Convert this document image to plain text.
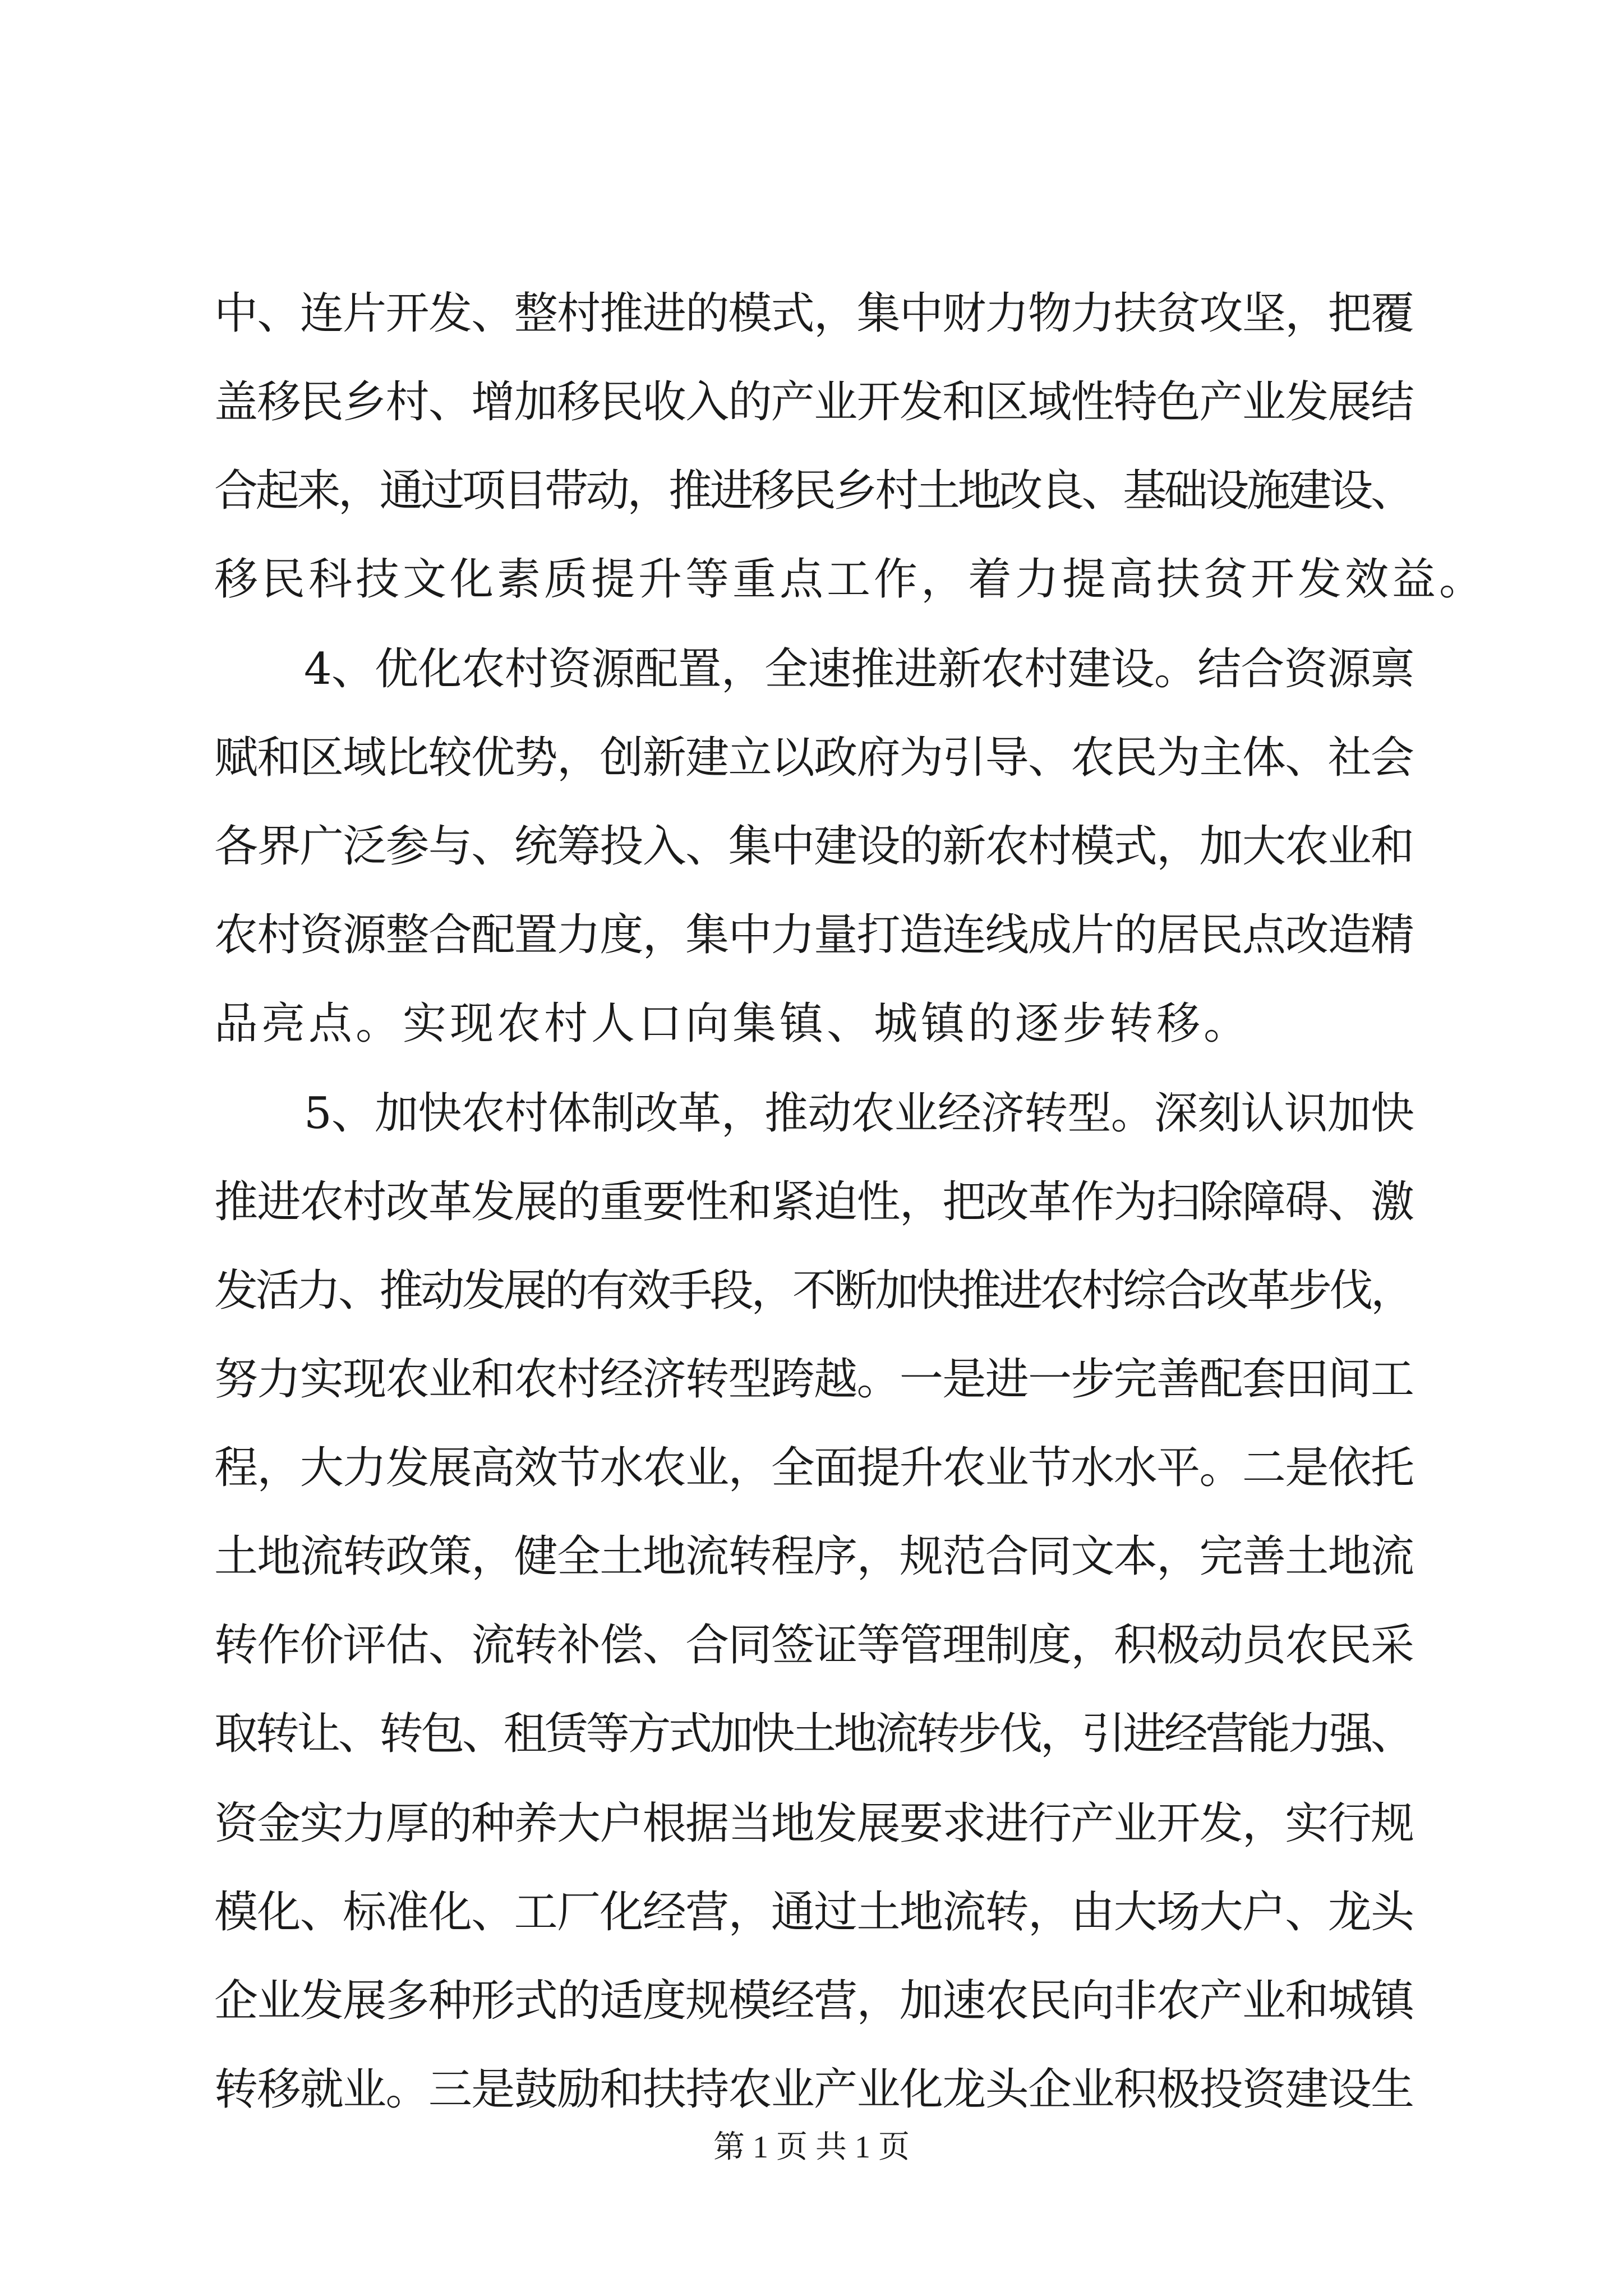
中、连片开发、整村推进的模式，集中财力物力扶贫攻坚，把覆
盖移民乡村、增加移民收入的产业开发和区域性特色产业发展结
合起来，通过项目带动，推进移民乡村土地改良、基础设施建设、
移民科技文化素质提升等重点工作，着力提高扶贫开发效益。
4、优化农村资源配置，全速推进新农村建设。结合资源禀
赋和区域比较优势，创新建立以政府为引导、农民为主体、社会
各界广泛参与、统筹投入、集中建设的新农村模式，加大农业和
农村资源整合配置力度，集中力量打造连线成片的居民点改造精
品亮点。实现农村人口向集镇、城镇的逐步转移。
5、加快农村体制改革，推动农业经济转型。深刻认识加快
推进农村改革发展的重要性和紧迫性，把改革作为扫除障碍、激
发活力、推动发展的有效手段，不断加快推进农村综合改革步伐，
努力实现农业和农村经济转型跨越。一是进一步完善配套田间工
程，大力发展高效节水农业，全面提升农业节水水平。二是依托
土地流转政策，健全土地流转程序，规范合同文本，完善土地流
转作价评估、流转补偿、合同签证等管理制度，积极动员农民采
取转让、转包、租赁等方式加快土地流转步伐，引进经营能力强、
资金实力厚的种养大户根据当地发展要求进行产业开发，实行规
模化、标准化、工厂化经营，通过土地流转，由大场大户、龙头
企业发展多种形式的适度规模经营，加速农民向非农产业和城镇
转移就业。三是鼓励和扶持农业产业化龙头企业积极投资建设生
第 1 页 共 1 页
